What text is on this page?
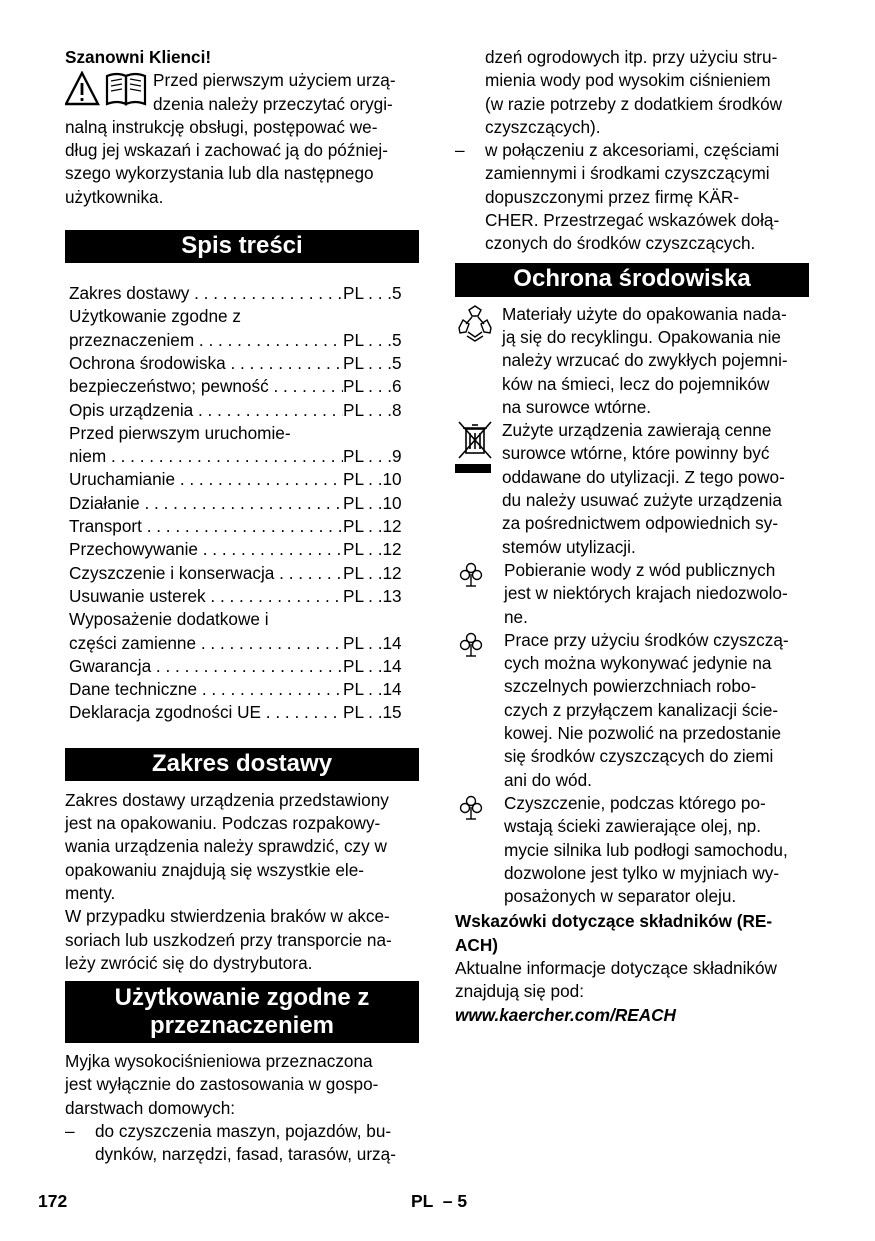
Szanowni Klienci!

Przed pierwszym użyciem urzą-

dzenia należy przeczytać orygi-

nalną instrukcję obsługi, postępować we-

dług jej wskazań i zachować ją do później-

szego wykorzystania lub dla następnego

użytkownika.

Spis treści
Zakres dostawy . . .	PL . . .5
Użytkowanie zgodne z
przeznaczeniem . . .	PL . . .5
Ochrona środowiska . . .	PL . . .5
bezpieczeństwo; pewność . . .	PL . . .6
Opis urządzenia . . .	PL . . .8
Przed pierwszym uruchomie-
niem . . .	PL . . .9
Uruchamianie . . .	PL . .10
Działanie . . .	PL . .10
Transport . . .	PL . .12
Przechowywanie . . .	PL . .12
Czyszczenie i konserwacja . . .	PL . .12
Usuwanie usterek . . .	PL . .13
Wyposażenie dodatkowe i
części zamienne . . .	PL . .14
Gwarancja . . .	PL . .14
Dane techniczne . . .	PL . .14
Deklaracja zgodności UE . . .	PL . .15
Zakres dostawy

Zakres dostawy urządzenia przedstawiony

jest na opakowaniu. Podczas rozpakowy-

wania urządzenia należy sprawdzić, czy w

opakowaniu znajdują się wszystkie ele-

menty.

W przypadku stwierdzenia braków w akce-

soriach lub uszkodzeń przy transporcie na-

leży zwrócić się do dystrybutora.

Użytkowanie zgodne z
przeznaczeniem

Myjka wysokociśnieniowa przeznaczona

jest wyłącznie do zastosowania w gospo-

darstwach domowych:

–	do czyszczenia maszyn, pojazdów, bu-

dynków, narzędzi, fasad, tarasów, urzą-

dzeń ogrodowych itp. przy użyciu stru-

mienia wody pod wysokim ciśnieniem

(w razie potrzeby z dodatkiem środków

czyszczących).

–	w połączeniu z akcesoriami, częściami

zamiennymi i środkami czyszczącymi

dopuszczonymi przez firmę KÄR-

CHER. Przestrzegać wskazówek dołą-

czonych do środków czyszczących.

Ochrona środowiska

Materiały użyte do opakowania nada-

ją się do recyklingu. Opakowania nie

należy wrzucać do zwykłych pojemni-

ków na śmieci, lecz do pojemników

na surowce wtórne.

Zużyte urządzenia zawierają cenne

surowce wtórne, które powinny być

oddawane do utylizacji. Z tego powo-

du należy usuwać zużyte urządzenia

za pośrednictwem odpowiednich sy-

stemów utylizacji.

Pobieranie wody z wód publicznych

jest w niektórych krajach niedozwolo-

ne.

Prace przy użyciu środków czyszczą-

cych można wykonywać jedynie na

szczelnych powierzchniach robo-

czych z przyłączem kanalizacji ście-

kowej. Nie pozwolić na przedostanie

się środków czyszczących do ziemi

ani do wód.

Czyszczenie, podczas którego po-

wstają ścieki zawierające olej, np.

mycie silnika lub podłogi samochodu,

dozwolone jest tylko w myjniach wy-

posażonych w separator oleju.

Wskazówki dotyczące składników (RE-

ACH)

Aktualne informacje dotyczące składników

znajdują się pod:

www.kaercher.com/REACH

172	PL  – 5
